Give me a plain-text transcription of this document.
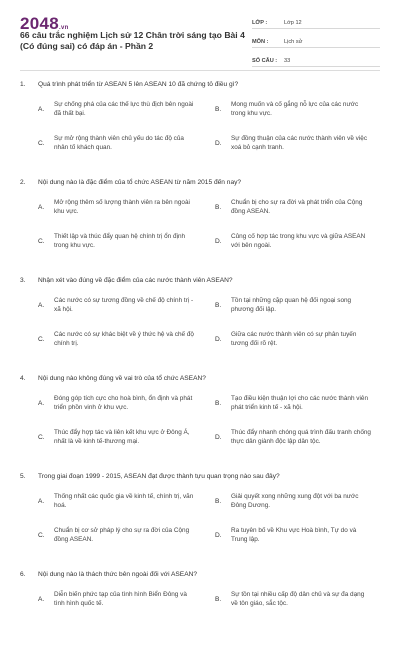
2048.vn
66 câu trắc nghiệm Lịch sử 12 Chân trời sáng tạo Bài 4 (Có đúng sai) có đáp án - Phần 2
LỚP :	Lớp 12
MÔN :	Lịch sử
SỐ CÂU :	33
1.	Quá trình phát triển từ ASEAN 5 lên ASEAN 10 đã chứng tỏ điều gì?
A.
Sự chống phá của các thế lực thù địch bên ngoài đã thất bại.
B.
Mong muốn và cố gắng nỗ lực của các nước trong khu vực.
C.
Sự mở rộng thành viên chủ yếu do tác độ của nhân tố khách quan.
D.
Sự đồng thuận của các nước thành viên về việc xoá bỏ cạnh tranh.
2.	Nội dung nào là đặc điểm của tổ chức ASEAN từ năm 2015 đến nay?
A.
Mở rộng thêm số lượng thành viên ra bên ngoài khu vực.
B.
Chuẩn bị cho sự ra đời và phát triển của Cộng đồng ASEAN.
C.
Thiết lập và thúc đẩy quan hệ chính trị ổn định trong khu vực.
D.
Củng cố hợp tác trong khu vực và giữa ASEAN với bên ngoài.
3.	Nhận xét vào đúng về đặc điểm của các nước thành viên ASEAN?
A.
Các nước có sự tương đồng về chế độ chính trị - xã hội.
B.
Tồn tại những cặp quan hệ đối ngoại song phương đối lập.
C.
Các nước có sự khác biệt về ý thức hệ và chế độ chính trị.
D.
Giữa các nước thành viên có sự phân tuyến tương đối rõ rệt.
4.	Nội dung nào không đúng về vai trò của tổ chức ASEAN?
A.
Đóng góp tích cực cho hoà bình, ổn định và phát triển phồn vinh ở khu vực.
B.
Tạo điều kiện thuận lợi cho các nước thành viên phát triển kinh tế - xã hội.
C.
Thúc đẩy hợp tác và liên kết khu vực ở Đông Á, nhất là về kinh tế-thương mại.
D.
Thúc đẩy nhanh chóng quá trình đấu tranh chống thực dân giành độc lập dân tộc.
5.	Trong giai đoạn 1999 - 2015, ASEAN đạt được thành tựu quan trọng nào sau đây?
A.
Thống nhất các quốc gia về kinh tế, chính trị, văn hoá.
B.
Giải quyết xong những xung đột với ba nước Đông Dương.
C.
Chuẩn bị cơ sở pháp lý cho sự ra đời của Cộng đồng ASEAN.
D.
Ra tuyên bố về Khu vực Hoà bình, Tự do và Trung lập.
6.	Nội dung nào là thách thức bên ngoài đối với ASEAN?
A.
Diễn biến phức tạp của tình hình Biển Đông và tình hình quốc tế.
B.
Sự tồn tại nhiều cấp độ dân chủ và sự đa dạng về tôn giáo, sắc tộc.
